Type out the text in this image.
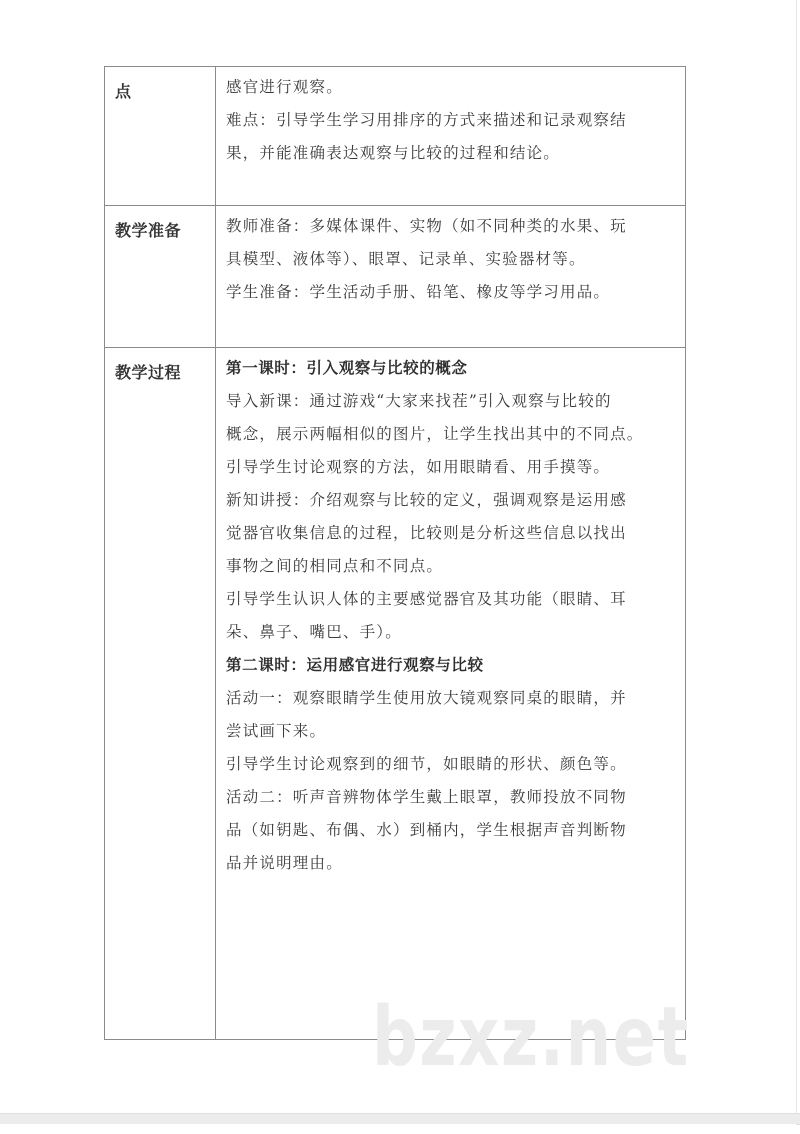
点	感官进行观察。

难点：引导学生学习用排序的方式来描述和记录观察结

果，并能准确表达观察与比较的过程和结论。

教学准备	教师准备：多媒体课件、实物（如不同种类的水果、玩

具模型、液体等）、眼罩、记录单、实验器材等。

学生准备：学生活动手册、铅笔、橡皮等学习用品。

教学过程	第一课时：引入观察与比较的概念

导入新课：通过游戏“大家来找茬”引入观察与比较的

概念，展示两幅相似的图片，让学生找出其中的不同点。

引导学生讨论观察的方法，如用眼睛看、用手摸等。

新知讲授：介绍观察与比较的定义，强调观察是运用感

觉器官收集信息的过程，比较则是分析这些信息以找出

事物之间的相同点和不同点。

引导学生认识人体的主要感觉器官及其功能（眼睛、耳

朵、鼻子、嘴巴、手）。

第二课时：运用感官进行观察与比较

活动一：观察眼睛学生使用放大镜观察同桌的眼睛，并

尝试画下来。

引导学生讨论观察到的细节，如眼睛的形状、颜色等。

活动二：听声音辨物体学生戴上眼罩，教师投放不同物

品（如钥匙、布偶、水）到桶内，学生根据声音判断物

品并说明理由。

bzxz.net
